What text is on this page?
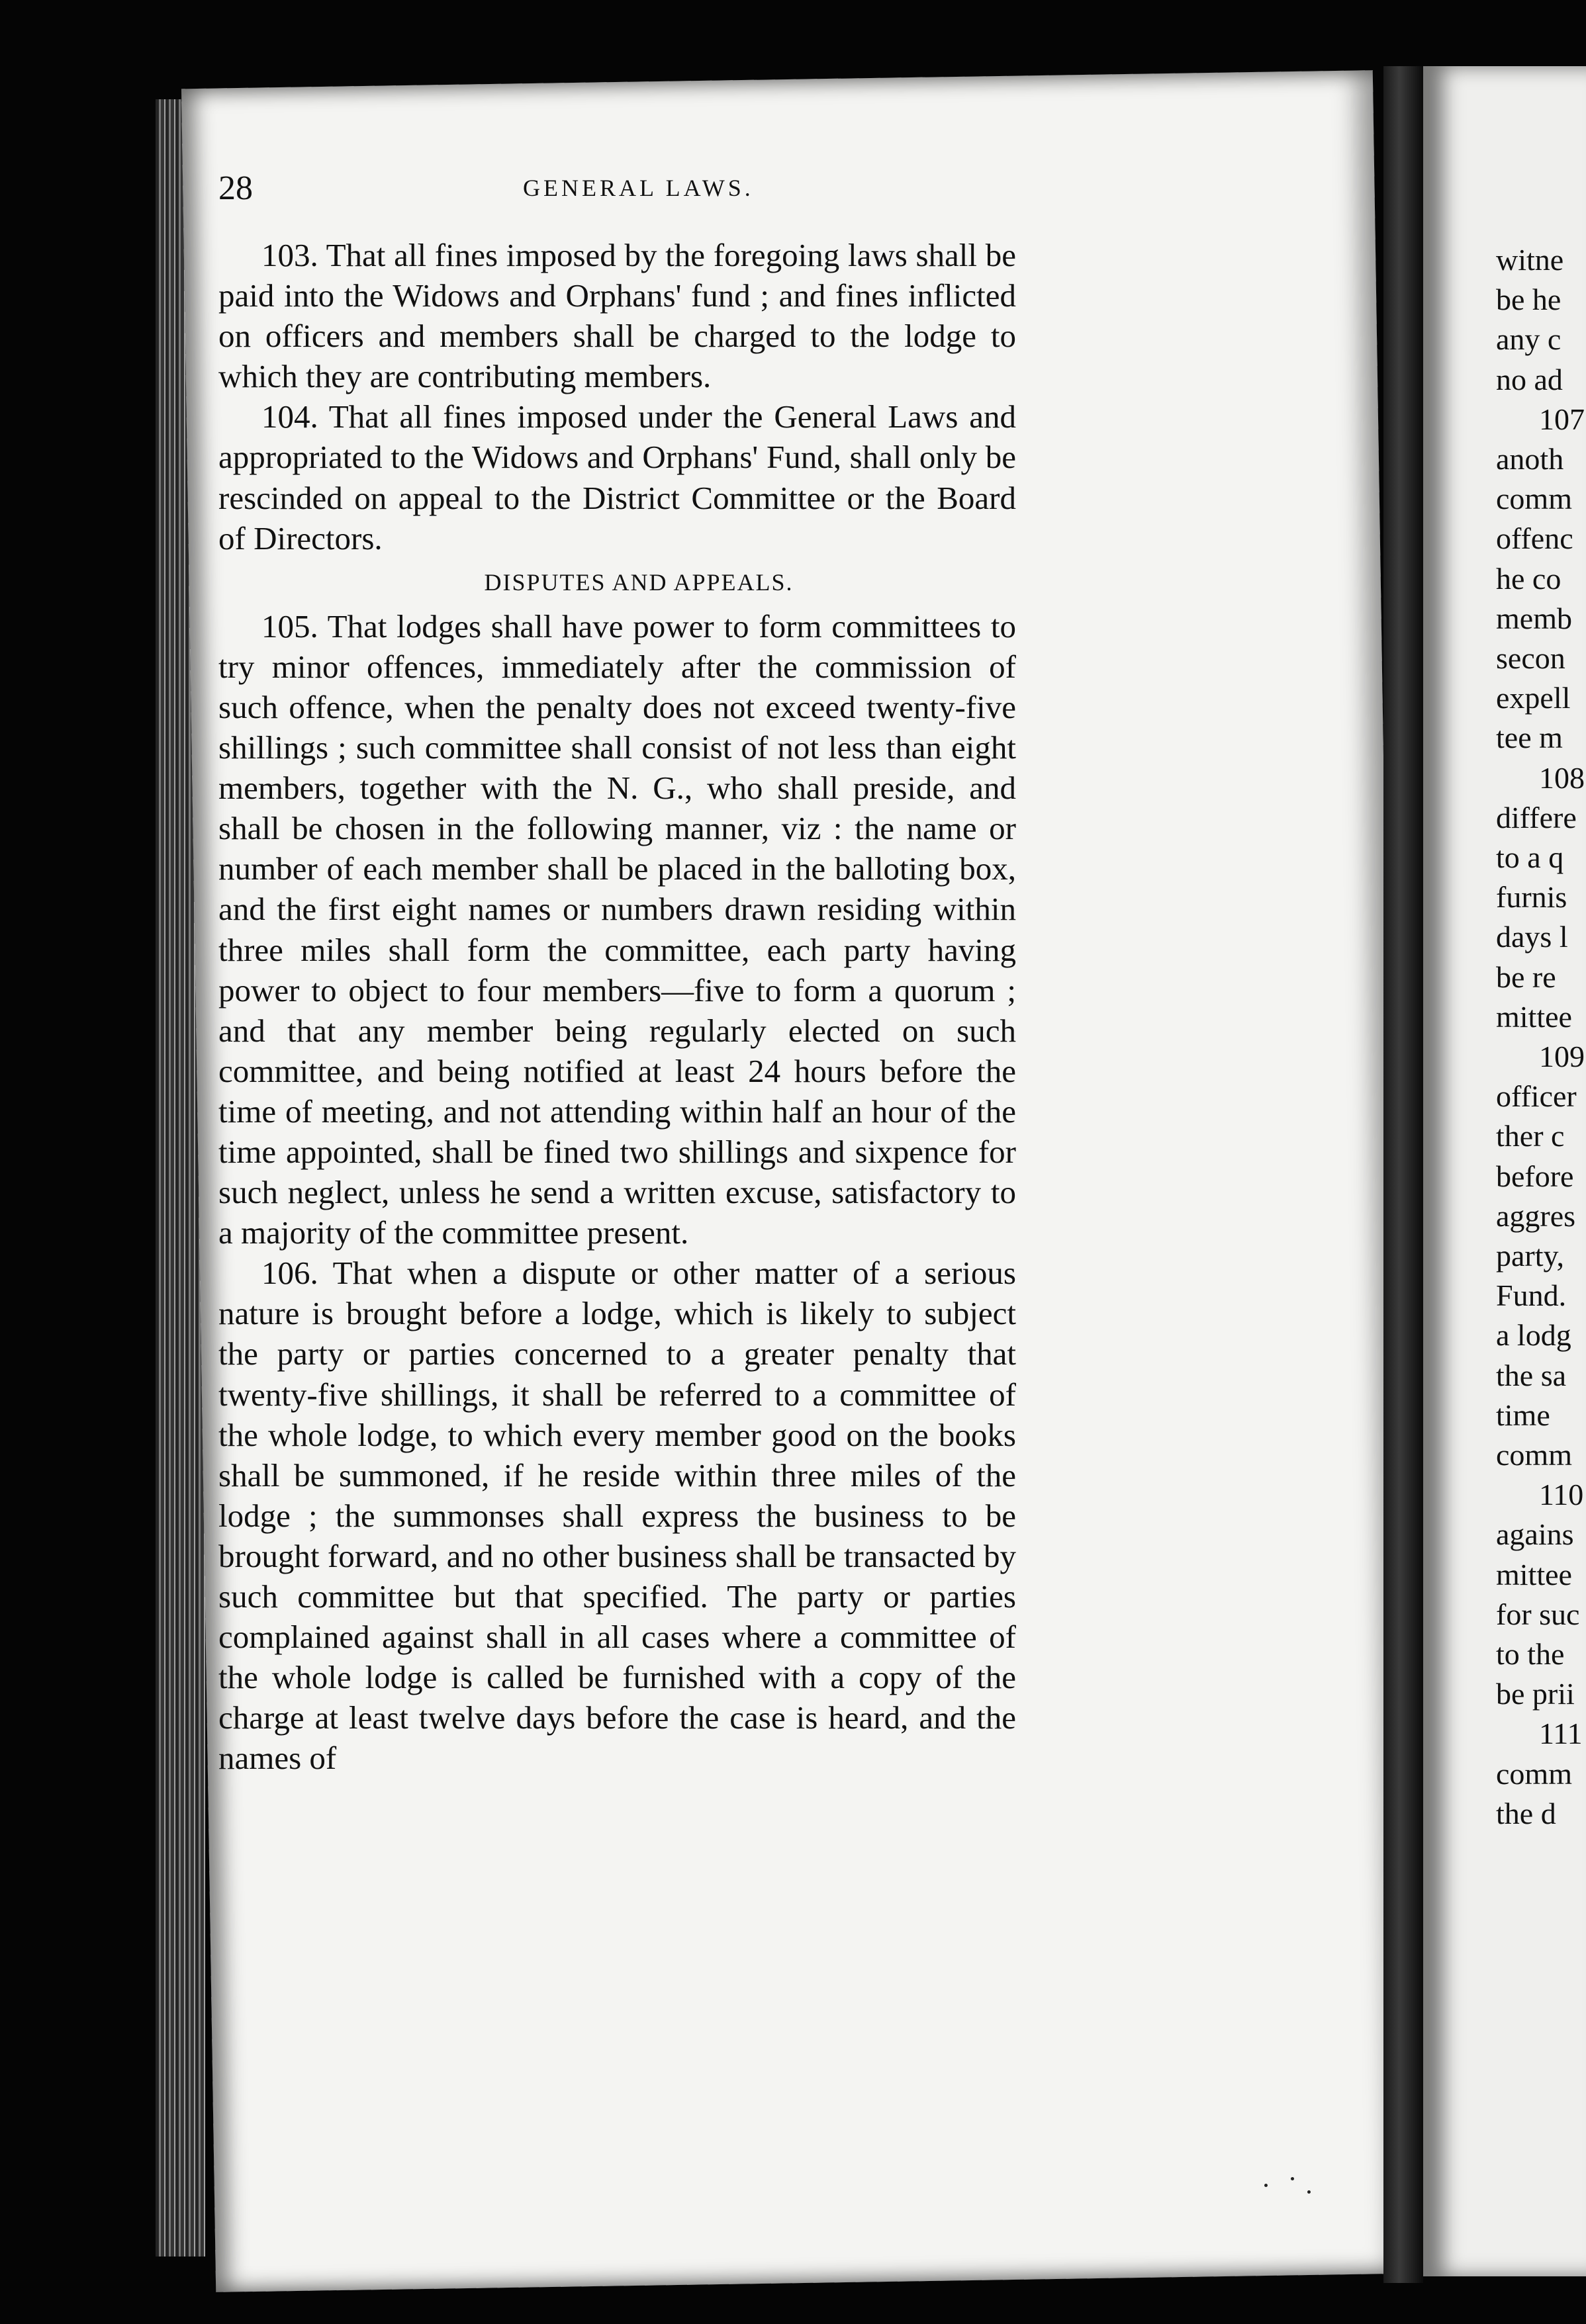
witne
be he
any c
no ad
107
anoth
comm
offenc
he co
memb
secon
expell
tee m
108
differe
to a q
furnis
days l
be re
mittee
109
officer
ther c
before
aggres
party,
Fund.
a lodg
the sa
time
comm
110
agains
mittee
for suc
to the
be prii
111
comm
the d
28	GENERAL LAWS.

103. That all fines imposed by the foregoing laws shall be paid into the Widows and Orphans' fund ; and fines inflicted on officers and members shall be charged to the lodge to which they are contributing members.

104. That all fines imposed under the General Laws and appropriated to the Widows and Orphans' Fund, shall only be rescinded on appeal to the District Committee or the Board of Directors.

DISPUTES AND APPEALS.

105. That lodges shall have power to form committees to try minor offences, immediately after the commission of such offence, when the penalty does not exceed twenty-five shillings ; such committee shall consist of not less than eight members, together with the N. G., who shall preside, and shall be chosen in the following manner, viz : the name or number of each member shall be placed in the balloting box, and the first eight names or numbers drawn residing within three miles shall form the committee, each party having power to object to four members—five to form a quorum ; and that any member being regularly elected on such committee, and being notified at least 24 hours before the time of meeting, and not attending within half an hour of the time appointed, shall be fined two shillings and sixpence for such neglect, unless he send a written excuse, satisfactory to a majority of the committee present.

106. That when a dispute or other matter of a serious nature is brought before a lodge, which is likely to subject the party or parties concerned to a greater penalty that twenty-five shillings, it shall be referred to a committee of the whole lodge, to which every member good on the books shall be summoned, if he reside within three miles of the lodge ; the summonses shall express the business to be brought forward, and no other business shall be transacted by such committee but that specified. The party or parties complained against shall in all cases where a committee of the whole lodge is called be furnished with a copy of the charge at least twelve days before the case is heard, and the names of
